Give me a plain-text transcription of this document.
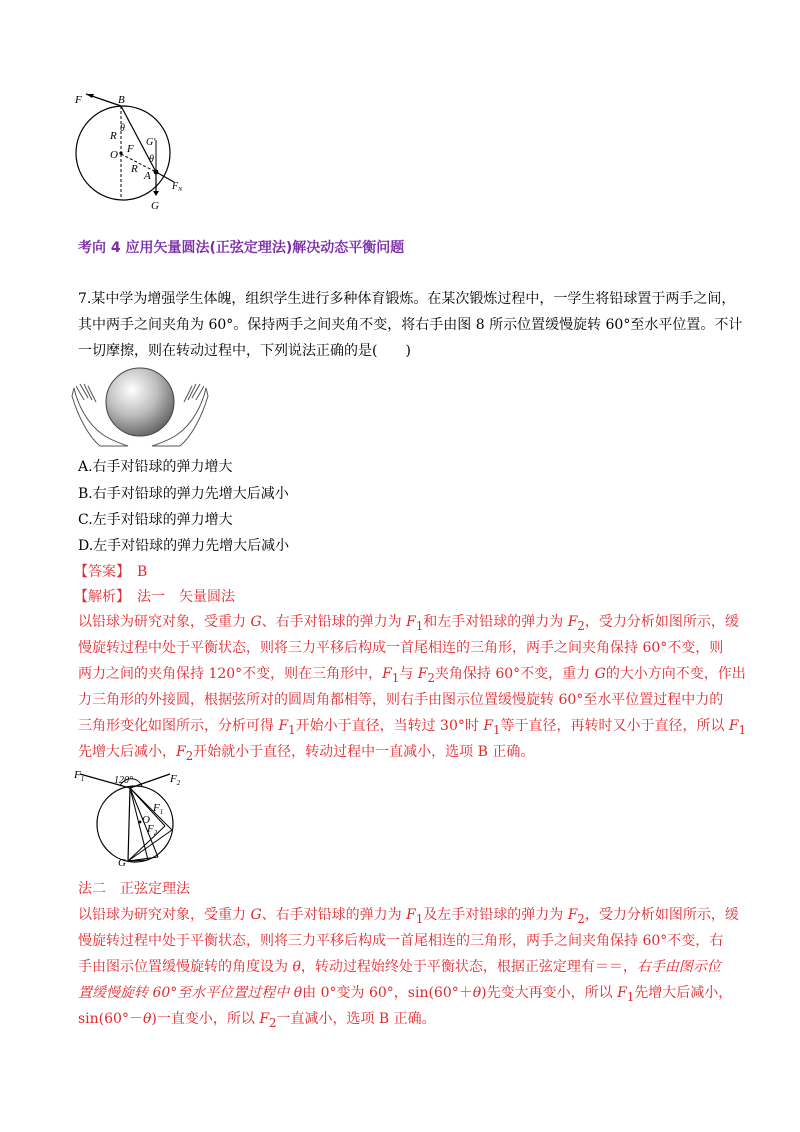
F	B
θ
R
G′
O F
θ
R
A
$F_N$
G
考向 4 应用矢量圆法(正弦定理法)解决动态平衡问题
7.某中学为增强学生体魄，组织学生进行多种体育锻炼。在某次锻炼过程中，一学生将铅球置于两手之间，
其中两手之间夹角为 60°。保持两手之间夹角不变，将右手由图 8 所示位置缓慢旋转 60°至水平位置。不计
一切摩擦，则在转动过程中，下列说法正确的是(　　)
A.右手对铅球的弹力增大
B.右手对铅球的弹力先增大后减小
C.左手对铅球的弹力增大
D.左手对铅球的弹力先增大后减小
【答案】　 B
【解析】　 法一　矢量圆法
以铅球为研究对象，受重力 G、右手对铅球的弹力为 $F_1$和左手对铅球的弹力为 $F_2$，受力分析如图所示，缓
慢旋转过程中处于平衡状态，则将三力平移后构成一首尾相连的三角形，两手之间夹角保持 60°不变，则
两力之间的夹角保持 120°不变，则在三角形中，$F_1$与 $F_2$夹角保持 60°不变，重力 G的大小方向不变，作出
力三角形的外接圆，根据弦所对的圆周角都相等，则右手由图示位置缓慢旋转 60°至水平位置过程中力的
三角形变化如图所示，分析可得 $F_1$开始小于直径，当转过 30°时 $F_1$等于直径，再转时又小于直径，所以 $F_1$
先增大后减小，$F_2$开始就小于直径，转动过程中一直减小，选项 B 正确。
$F_1$	120°	$F_2$
$F_1$
O
$F_2$
G
法二　正弦定理法
以铅球为研究对象，受重力 G、右手对铅球的弹力为 $F_1$及左手对铅球的弹力为 $F_2$，受力分析如图所示，缓
慢旋转过程中处于平衡状态，则将三力平移后构成一首尾相连的三角形，两手之间夹角保持 60°不变，右
手由图示位置缓慢旋转的角度设为 θ，转动过程始终处于平衡状态，根据正弦定理有＝＝，右手由图示位
置缓慢旋转 60°至水平位置过程中 θ由 0°变为 60°，sin(60°＋θ)先变大再变小，所以 $F_1$先增大后减小，
sin(60°－θ)一直变小，所以 $F_2$一直减小，选项 B 正确。
